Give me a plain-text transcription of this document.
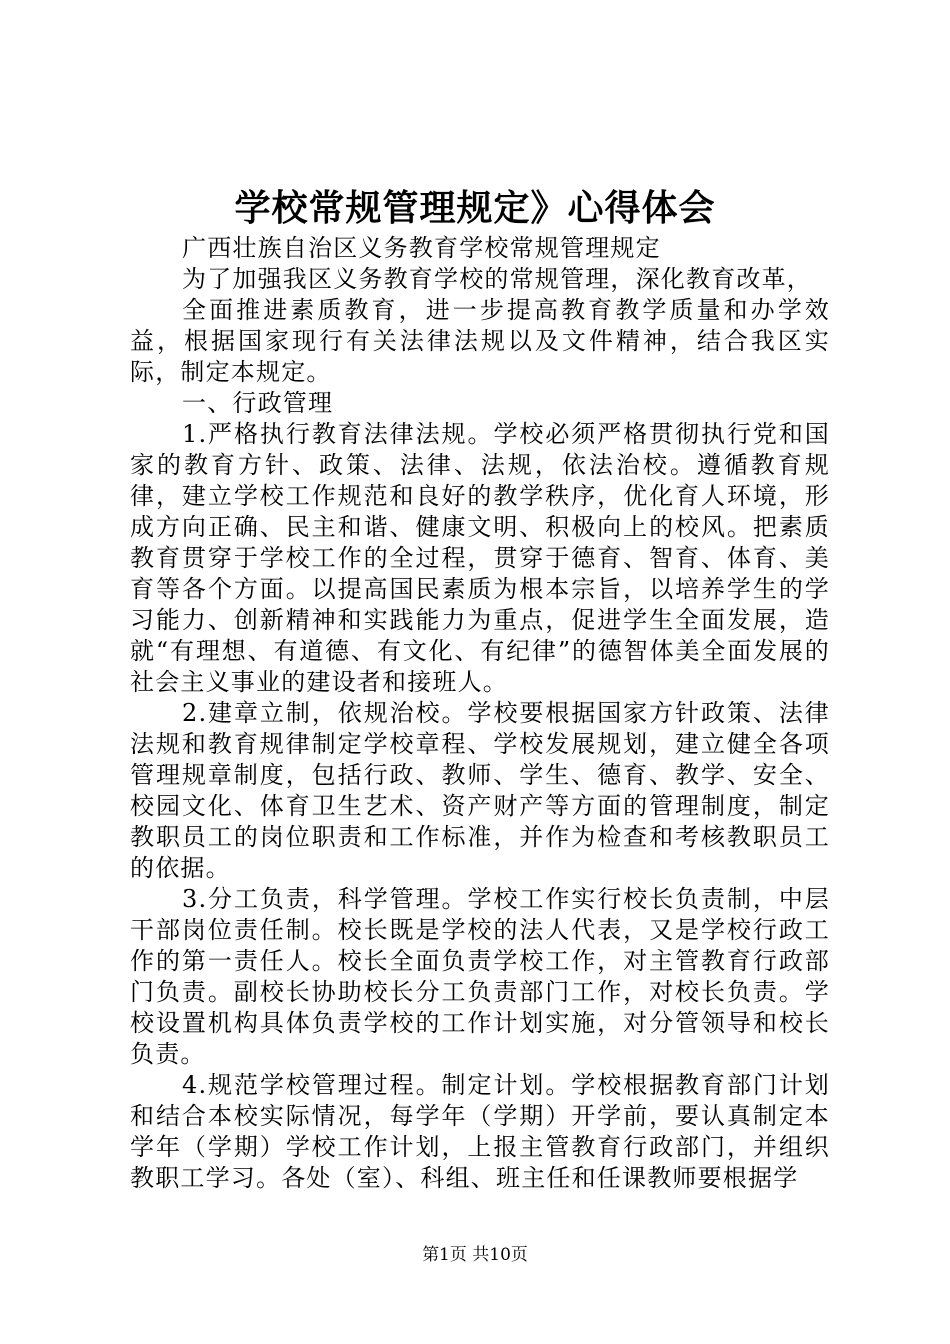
学校常规管理规定》心得体会

广西壮族自治区义务教育学校常规管理规定

为了加强我区义务教育学校的常规管理，深化教育改革，

全面推进素质教育，进一步提高教育教学质量和办学效益，根据国家现行有关法律法规以及文件精神，结合我区实际，制定本规定。

一、行政管理

1.严格执行教育法律法规。学校必须严格贯彻执行党和国家的教育方针、政策、法律、法规，依法治校。遵循教育规律，建立学校工作规范和良好的教学秩序，优化育人环境，形成方向正确、民主和谐、健康文明、积极向上的校风。把素质教育贯穿于学校工作的全过程，贯穿于德育、智育、体育、美育等各个方面。以提高国民素质为根本宗旨，以培养学生的学习能力、创新精神和实践能力为重点，促进学生全面发展，造就“有理想、有道德、有文化、有纪律”的德智体美全面发展的社会主义事业的建设者和接班人。

2.建章立制，依规治校。学校要根据国家方针政策、法律法规和教育规律制定学校章程、学校发展规划，建立健全各项管理规章制度，包括行政、教师、学生、德育、教学、安全、校园文化、体育卫生艺术、资产财产等方面的管理制度，制定教职员工的岗位职责和工作标准，并作为检查和考核教职员工的依据。

3.分工负责，科学管理。学校工作实行校长负责制，中层干部岗位责任制。校长既是学校的法人代表，又是学校行政工作的第一责任人。校长全面负责学校工作，对主管教育行政部门负责。副校长协助校长分工负责部门工作，对校长负责。学校设置机构具体负责学校的工作计划实施，对分管领导和校长负责。

4.规范学校管理过程。制定计划。学校根据教育部门计划和结合本校实际情况，每学年（学期）开学前，要认真制定本学年（学期）学校工作计划，上报主管教育行政部门，并组织教职工学习。各处（室）、科组、班主任和任课教师要根据学

第1页 共10页
